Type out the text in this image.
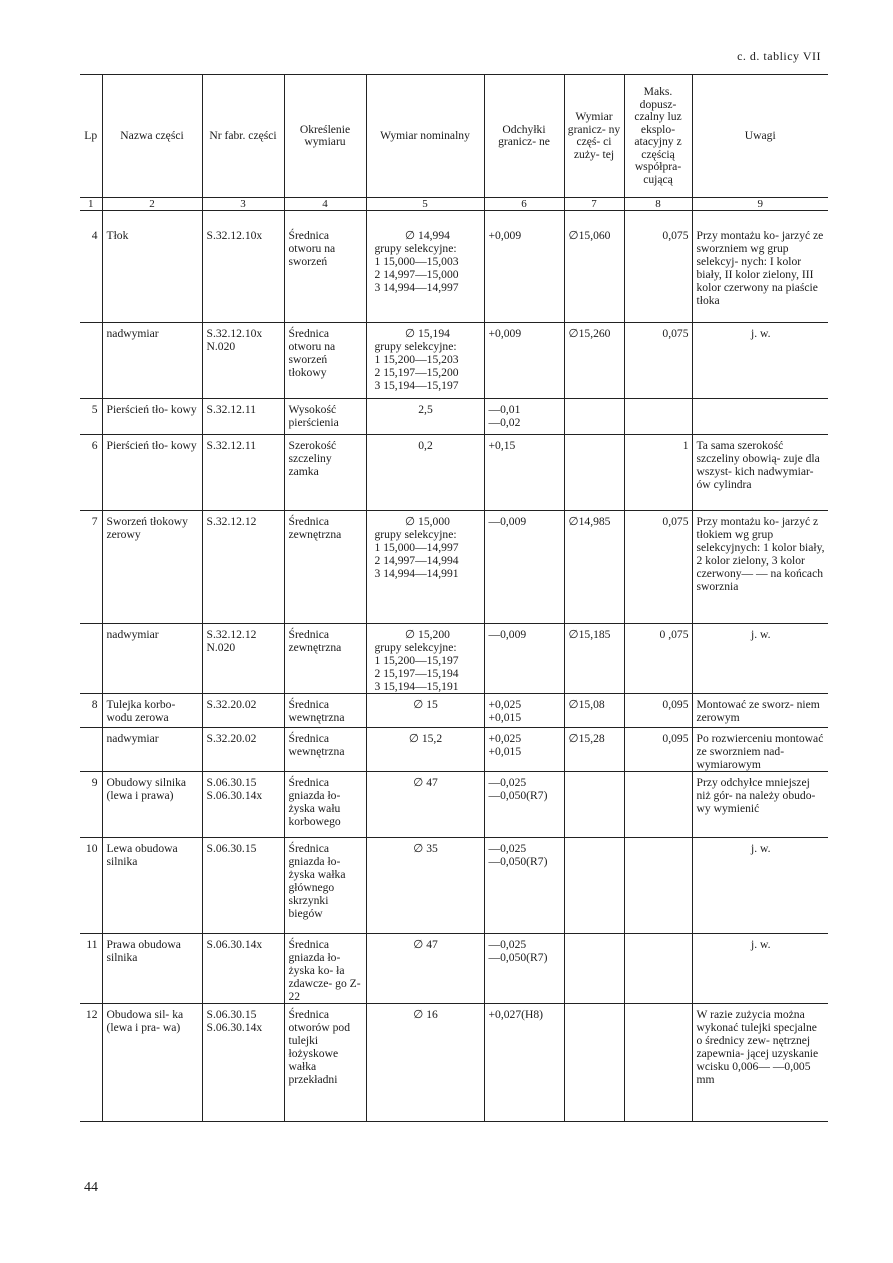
c. d. tablicy VII
Lp	Nazwa części	Nr fabr. części	Określenie wymiaru	Wymiar nominalny	Odchyłki granicz- ne	Wymiar granicz- ny częś- ci zuży- tej	Maks. dopusz- czalny luz eksplo- atacyjny z częścią współpra- cującą	Uwagi
1	2	3	4	5	6	7	8	9
4	Tłok	S.32.12.10x	Średnica otworu na sworzeń	∅ 14,994
grupy selekcyjne:
1 15,000—15,003
2 14,997—15,000
3 14,994—14,997	+0,009	∅15,060	0,075	Przy montażu ko- jarzyć ze sworzniem wg grup selekcyj- nych: I kolor biały, II kolor zielony, III kolor czerwony na piaście tłoka
	nadwymiar	S.32.12.10x
N.020	Średnica otworu na sworzeń tłokowy	∅ 15,194
grupy selekcyjne:
1 15,200—15,203
2 15,197—15,200
3 15,194—15,197	+0,009	∅15,260	0,075	j. w.
5	Pierścień tło- kowy	S.32.12.11	Wysokość pierścienia	2,5	—0,01
—0,02			

6	Pierścień tło- kowy	S.32.12.11	Szerokość szczeliny zamka	0,2	+0,15		1	Ta sama szerokość szczeliny obowią- zuje dla wszyst- kich nadwymiar- ów cylindra
7	Sworzeń tłokowy zerowy	S.32.12.12	Średnica zewnętrzna	∅ 15,000
grupy selekcyjne:
1 15,000—14,997
2 14,997—14,994
3 14,994—14,991	—0,009	∅14,985	0,075	Przy montażu ko- jarzyć z tłokiem wg grup selekcyjnych: 1 kolor biały, 2 kolor zielony, 3 kolor czerwony— — na końcach sworznia
	nadwymiar	S.32.12.12
N.020	Średnica zewnętrzna	∅ 15,200
grupy selekcyjne:
1 15,200—15,197
2 15,197—15,194
3 15,194—15,191	—0,009	∅15,185	0 ,075	j. w.
8	Tulejka korbo- wodu zerowa	S.32.20.02	Średnica wewnętrzna	∅ 15	+0,025
+0,015	∅15,08	0,095	Montować ze sworz- niem zerowym
	nadwymiar	S.32.20.02	Średnica wewnętrzna	∅ 15,2	+0,025
+0,015	∅15,28	0,095	Po rozwierceniu montować ze sworzniem nad- wymiarowym
9	Obudowy silnika (lewa i prawa)	S.06.30.15
S.06.30.14x	Średnica gniazda ło- żyska wału korbowego	∅ 47	—0,025
—0,050(R7)			Przy odchyłce mniejszej niż gór- na należy obudo- wy wymienić
10	Lewa obudowa silnika	S.06.30.15	Średnica gniazda ło- żyska wałka głównego skrzynki biegów	∅ 35	—0,025
—0,050(R7)			j. w.
11	Prawa obudowa silnika	S.06.30.14x	Średnica gniazda ło- żyska ko- ła zdawcze- go Z-22	∅ 47	—0,025
—0,050(R7)			j. w.
12	Obudowa sil- ka (lewa i pra- wa)	S.06.30.15
S.06.30.14x	Średnica otworów pod tulejki łożyskowe wałka przekładni	∅ 16	+0,027(H8)			W razie zużycia można wykonać tulejki specjalne o średnicy zew- nętrznej zapewnia- jącej uzyskanie wcisku 0,006— —0,005 mm
44
